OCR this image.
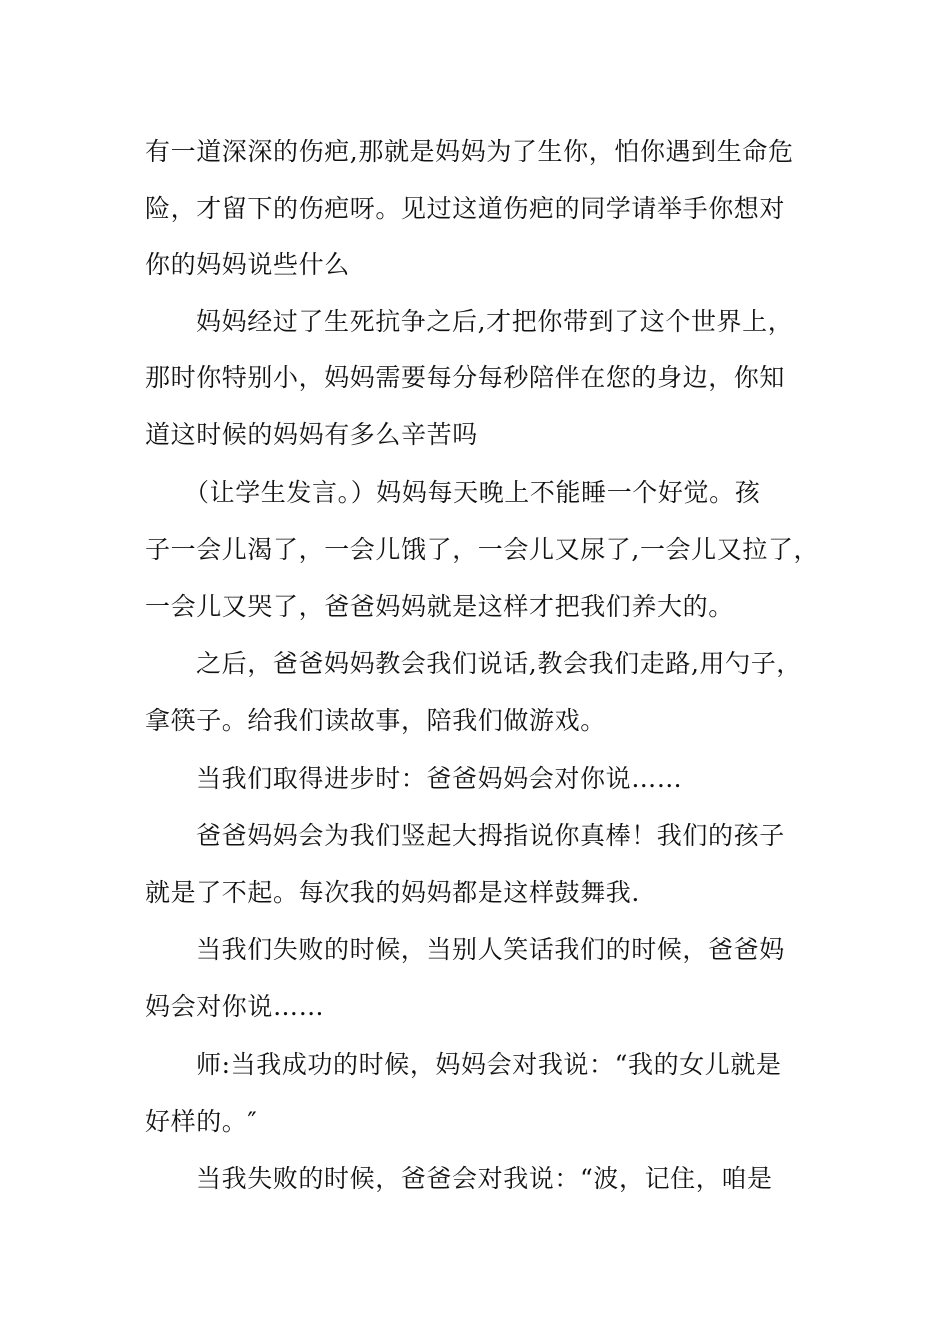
有一道深深的伤疤,那就是妈妈为了生你，怕你遇到生命危
险，才留下的伤疤呀。见过这道伤疤的同学请举手你想对
你的妈妈说些什么
妈妈经过了生死抗争之后,才把你带到了这个世界上，
那时你特别小，妈妈需要每分每秒陪伴在您的身边，你知
道这时候的妈妈有多么辛苦吗
（让学生发言。）妈妈每天晚上不能睡一个好觉。孩
子一会儿渴了，一会儿饿了，一会儿又尿了,一会儿又拉了，
一会儿又哭了，爸爸妈妈就是这样才把我们养大的。
之后，爸爸妈妈教会我们说话,教会我们走路,用勺子，
拿筷子。给我们读故事，陪我们做游戏。
当我们取得进步时：爸爸妈妈会对你说……
爸爸妈妈会为我们竖起大拇指说你真棒！我们的孩子
就是了不起。每次我的妈妈都是这样鼓舞我.
当我们失败的时候，当别人笑话我们的时候，爸爸妈
妈会对你说……
师:当我成功的时候，妈妈会对我说：“我的女儿就是
好样的。″
当我失败的时候，爸爸会对我说：“波，记住，咱是
